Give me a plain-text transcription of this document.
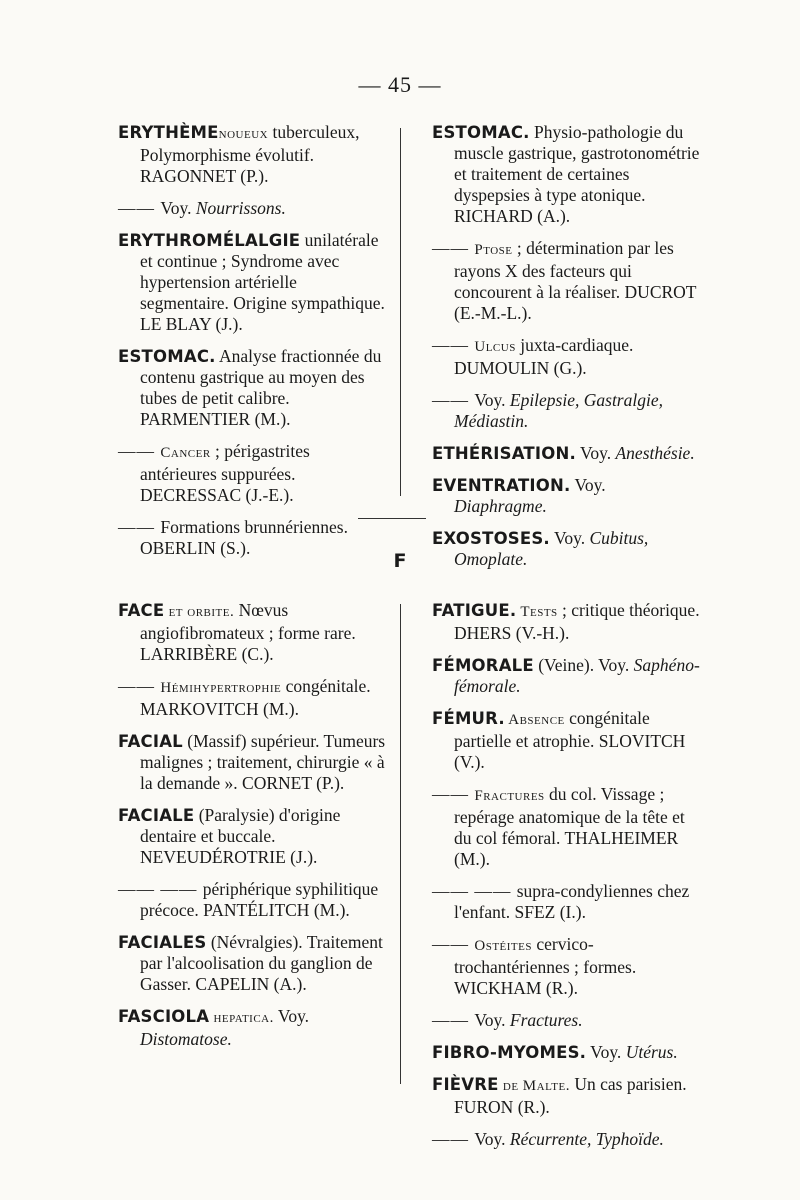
— 45 —
ERYTHÈMEnoueux tuberculeux, Polymorphisme évolutif. RAGONNET (P.).
—— Voy. Nourrissons.
ERYTHROMÉLALGIE unilatérale et continue ; Syndrome avec hypertension artérielle segmentaire. Origine sympathique. LE BLAY (J.).
ESTOMAC. Analyse fractionnée du contenu gastrique au moyen des tubes de petit calibre. PARMENTIER (M.).
—— Cancer ; périgastrites antérieures suppurées. DECRESSAC (J.-E.).
—— Formations brunnériennes. OBERLIN (S.).
ESTOMAC. Physio-pathologie du muscle gastrique, gastrotonométrie et traitement de certaines dyspepsies à type atonique. RICHARD (A.).
—— Ptose ; détermination par les rayons X des facteurs qui concourent à la réaliser. DUCROT (E.-M.-L.).
—— Ulcus juxta-cardiaque. DUMOULIN (G.).
—— Voy. Epilepsie, Gastralgie, Médiastin.
ETHÉRISATION. Voy. Anesthésie.
EVENTRATION. Voy. Diaphragme.
EXOSTOSES. Voy. Cubitus, Omoplate.
F
FACE et orbite. Nœvus angiofibromateux ; forme rare. LARRIBÈRE (C.).
—— Hémihypertrophie congénitale. MARKOVITCH (M.).
FACIAL (Massif) supérieur. Tumeurs malignes ; traitement, chirurgie « à la demande ». CORNET (P.).
FACIALE (Paralysie) d'origine dentaire et buccale. NEVEUDÉROTRIE (J.).
—— —— périphérique syphilitique précoce. PANTÉLITCH (M.).
FACIALES (Névralgies). Traitement par l'alcoolisation du ganglion de Gasser. CAPELIN (A.).
FASCIOLA hepatica. Voy. Distomatose.
FATIGUE. Tests ; critique théorique. DHERS (V.-H.).
FÉMORALE (Veine). Voy. Saphéno-fémorale.
FÉMUR. Absence congénitale partielle et atrophie. SLOVITCH (V.).
—— Fractures du col. Vissage ; repérage anatomique de la tête et du col fémoral. THALHEIMER (M.).
—— —— supra-condyliennes chez l'enfant. SFEZ (I.).
—— Ostéites cervico-trochantériennes ; formes. WICKHAM (R.).
—— Voy. Fractures.
FIBRO-MYOMES. Voy. Utérus.
FIÈVRE de Malte. Un cas parisien. FURON (R.).
—— Voy. Récurrente, Typhoïde.
